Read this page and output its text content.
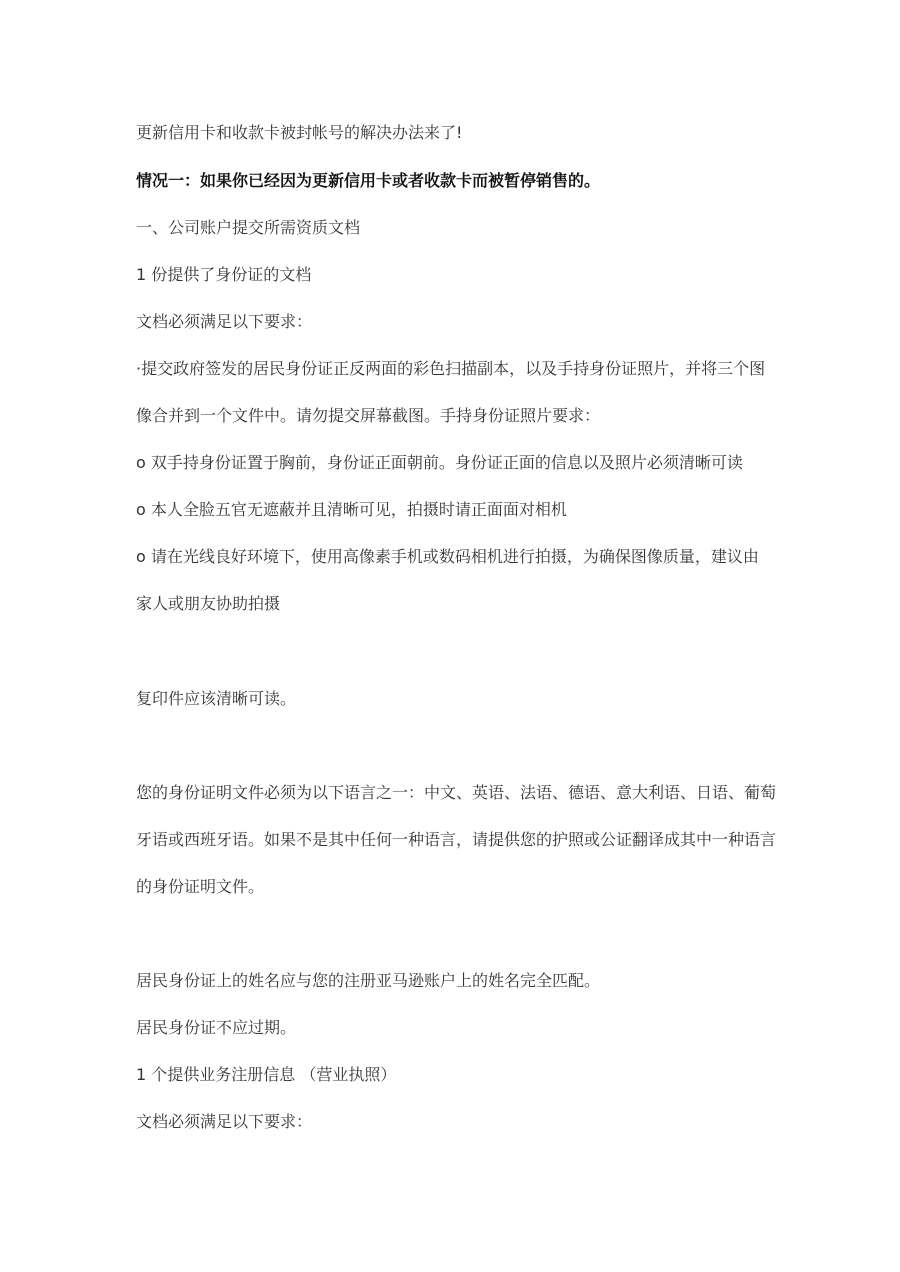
更新信用卡和收款卡被封帐号的解决办法来了!
情况一：如果你已经因为更新信用卡或者收款卡而被暂停销售的。
一、公司账户提交所需资质文档
1 份提供了身份证的文档
文档必须满足以下要求：
·提交政府签发的居民身份证正反两面的彩色扫描副本，以及手持身份证照片，并将三个图
像合并到一个文件中。请勿提交屏幕截图。手持身份证照片要求：
o 双手持身份证置于胸前，身份证正面朝前。身份证正面的信息以及照片必须清晰可读
o 本人全脸五官无遮蔽并且清晰可见，拍摄时请正面面对相机
o 请在光线良好环境下，使用高像素手机或数码相机进行拍摄，为确保图像质量，建议由
家人或朋友协助拍摄
复印件应该清晰可读。
您的身份证明文件必须为以下语言之一：中文、英语、法语、德语、意大利语、日语、葡萄
牙语或西班牙语。如果不是其中任何一种语言，请提供您的护照或公证翻译成其中一种语言
的身份证明文件。
居民身份证上的姓名应与您的注册亚马逊账户上的姓名完全匹配。
居民身份证不应过期。
1 个提供业务注册信息 （营业执照）
文档必须满足以下要求：
